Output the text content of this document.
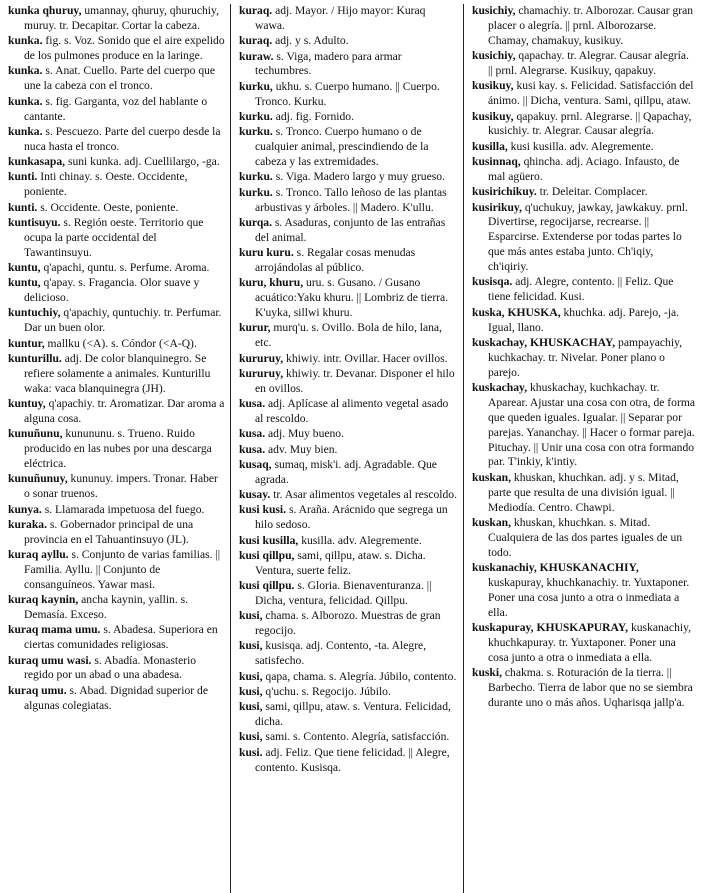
kunka qhuruy, umannay, qhuruy, qhuruchiy, muruy. tr. Decapitar. Cortar la cabeza.

kunka. fig. s. Voz. Sonido que el aire expelido de los pulmones produce en la laringe.

kunka. s. Anat. Cuello. Parte del cuerpo que une la cabeza con el tronco.

kunka. s. fig. Garganta, voz del hablante o cantante.

kunka. s. Pescuezo. Parte del cuerpo desde la nuca hasta el tronco.

kunkasapa, suni kunka. adj. Cuellilargo, -ga.

kunti. Inti chinay. s. Oeste. Occidente, poniente.

kunti. s. Occidente. Oeste, poniente.

kuntisuyu. s. Región oeste. Territorio que ocupa la parte occidental del Tawantinsuyu.

kuntu, q'apachi, quntu. s. Perfume. Aroma.

kuntu, q'apay. s. Fragancia. Olor suave y delicioso.

kuntuchiy, q'apachiy, quntuchiy. tr. Perfumar. Dar un buen olor.

kuntur, mallku (<A). s. Cóndor (<A-Q).

kunturillu. adj. De color blanquinegro. Se refiere solamente a animales. Kunturillu waka: vaca blanquinegra (JH).

kuntuy, q'apachiy. tr. Aromatizar. Dar aroma a alguna cosa.

kunuñunu, kunununu. s. Trueno. Ruido producido en las nubes por una descarga eléctrica.

kunuñunuy, kununuy. impers. Tronar. Haber o sonar truenos.

kunya. s. Llamarada impetuosa del fuego.

kuraka. s. Gobernador principal de una provincia en el Tahuantinsuyo (JL).

kuraq ayllu. s. Conjunto de varias familias. || Familia. Ayllu. || Conjunto de consanguíneos. Yawar masi.

kuraq kaynin, ancha kaynin, yallin. s. Demasía. Exceso.

kuraq mama umu. s. Abadesa. Superiora en ciertas comunidades religiosas.

kuraq umu wasi. s. Abadía. Monasterio regido por un abad o una abadesa.

kuraq umu. s. Abad. Dignidad superior de algunas colegiatas.

kuraq. adj. Mayor. / Hijo mayor: Kuraq wawa.

kuraq. adj. y s. Adulto.

kuraw. s. Viga, madero para armar techumbres.

kurku, ukhu. s. Cuerpo humano. || Cuerpo. Tronco. Kurku.

kurku. adj. fig. Fornido.

kurku. s. Tronco. Cuerpo humano o de cualquier animal, prescindiendo de la cabeza y las extremidades.

kurku. s. Viga. Madero largo y muy grueso.

kurku. s. Tronco. Tallo leñoso de las plantas arbustivas y árboles. || Madero. K'ullu.

kurqa. s. Asaduras, conjunto de las entrañas del animal.

kuru kuru. s. Regalar cosas menudas arrojándolas al público.

kuru, khuru, uru. s. Gusano. / Gusano acuático:Yaku khuru. || Lombriz de tierra. K'uyka, sillwi khuru.

kurur, murq'u. s. Ovillo. Bola de hilo, lana, etc.

kururuy, khiwiy. intr. Ovillar. Hacer ovillos.

kururuy, khiwiy. tr. Devanar. Disponer el hilo en ovillos.

kusa. adj. Aplícase al alimento vegetal asado al rescoldo.

kusa. adj. Muy bueno.

kusa. adv. Muy bien.

kusaq, sumaq, misk'i. adj. Agradable. Que agrada.

kusay. tr. Asar alimentos vegetales al rescoldo.

kusi kusi. s. Araña. Arácnido que segrega un hilo sedoso.

kusi kusilla, kusilla. adv. Alegremente.

kusi qillpu, sami, qillpu, ataw. s. Dicha. Ventura, suerte feliz.

kusi qillpu. s. Gloria. Bienaventuranza. || Dicha, ventura, felicidad. Qillpu.

kusi, chama. s. Alborozo. Muestras de gran regocijo.

kusi, kusisqa. adj. Contento, -ta. Alegre, satisfecho.

kusi, qapa, chama. s. Alegría. Júbilo, contento.

kusi, q'uchu. s. Regocijo. Júbilo.

kusi, sami, qillpu, ataw. s. Ventura. Felicidad, dicha.

kusi, sami. s. Contento. Alegría, satisfacción.

kusi. adj. Feliz. Que tiene felicidad. || Alegre, contento. Kusisqa.

kusichiy, chamachiy. tr. Alborozar. Causar gran placer o alegría. || prnl. Alborozarse. Chamay, chamakuy, kusikuy.

kusichiy, qapachay. tr. Alegrar. Causar alegría. || prnl. Alegrarse. Kusikuy, qapakuy.

kusikuy, kusi kay. s. Felicidad. Satisfacción del ánimo. || Dicha, ventura. Sami, qillpu, ataw.

kusikuy, qapakuy. prnl. Alegrarse. || Qapachay, kusichiy. tr. Alegrar. Causar alegría.

kusilla, kusi kusilla. adv. Alegremente.

kusinnaq, qhincha. adj. Aciago. Infausto, de mal agüero.

kusirichikuy. tr. Deleitar. Complacer.

kusirikuy, q'uchukuy, jawkay, jawkakuy. prnl. Divertirse, regocijarse, recrearse. || Esparcirse. Extenderse por todas partes lo que más antes estaba junto. Ch'iqiy, ch'iqiriy.

kusisqa. adj. Alegre, contento. || Feliz. Que tiene felicidad. Kusi.

kuska, KHUSKA, khuchka. adj. Parejo, -ja. Igual, llano.

kuskachay, KHUSKACHAY, pampayachiy, kuchkachay. tr. Nivelar. Poner plano o parejo.

kuskachay, khuskachay, kuchkachay. tr. Aparear. Ajustar una cosa con otra, de forma que queden iguales. Igualar. || Separar por parejas. Yananchay. || Hacer o formar pareja. Pituchay. || Unir una cosa con otra formando par. T'inkiy, k'intiy.

kuskan, khuskan, khuchkan. adj. y s. Mitad, parte que resulta de una división igual. || Mediodía. Centro. Chawpi.

kuskan, khuskan, khuchkan. s. Mitad. Cualquiera de las dos partes iguales de un todo.

kuskanachiy, KHUSKANACHIY, kuskapuray, khuchkanachiy. tr. Yuxtaponer. Poner una cosa junto a otra o inmediata a ella.

kuskapuray, KHUSKAPURAY, kuskanachiy, khuchkapuray. tr. Yuxtaponer. Poner una cosa junto a otra o inmediata a ella.

kuski, chakma. s. Roturación de la tierra. || Barbecho. Tierra de labor que no se siembra durante uno o más años. Uqharisqa jallp'a.
